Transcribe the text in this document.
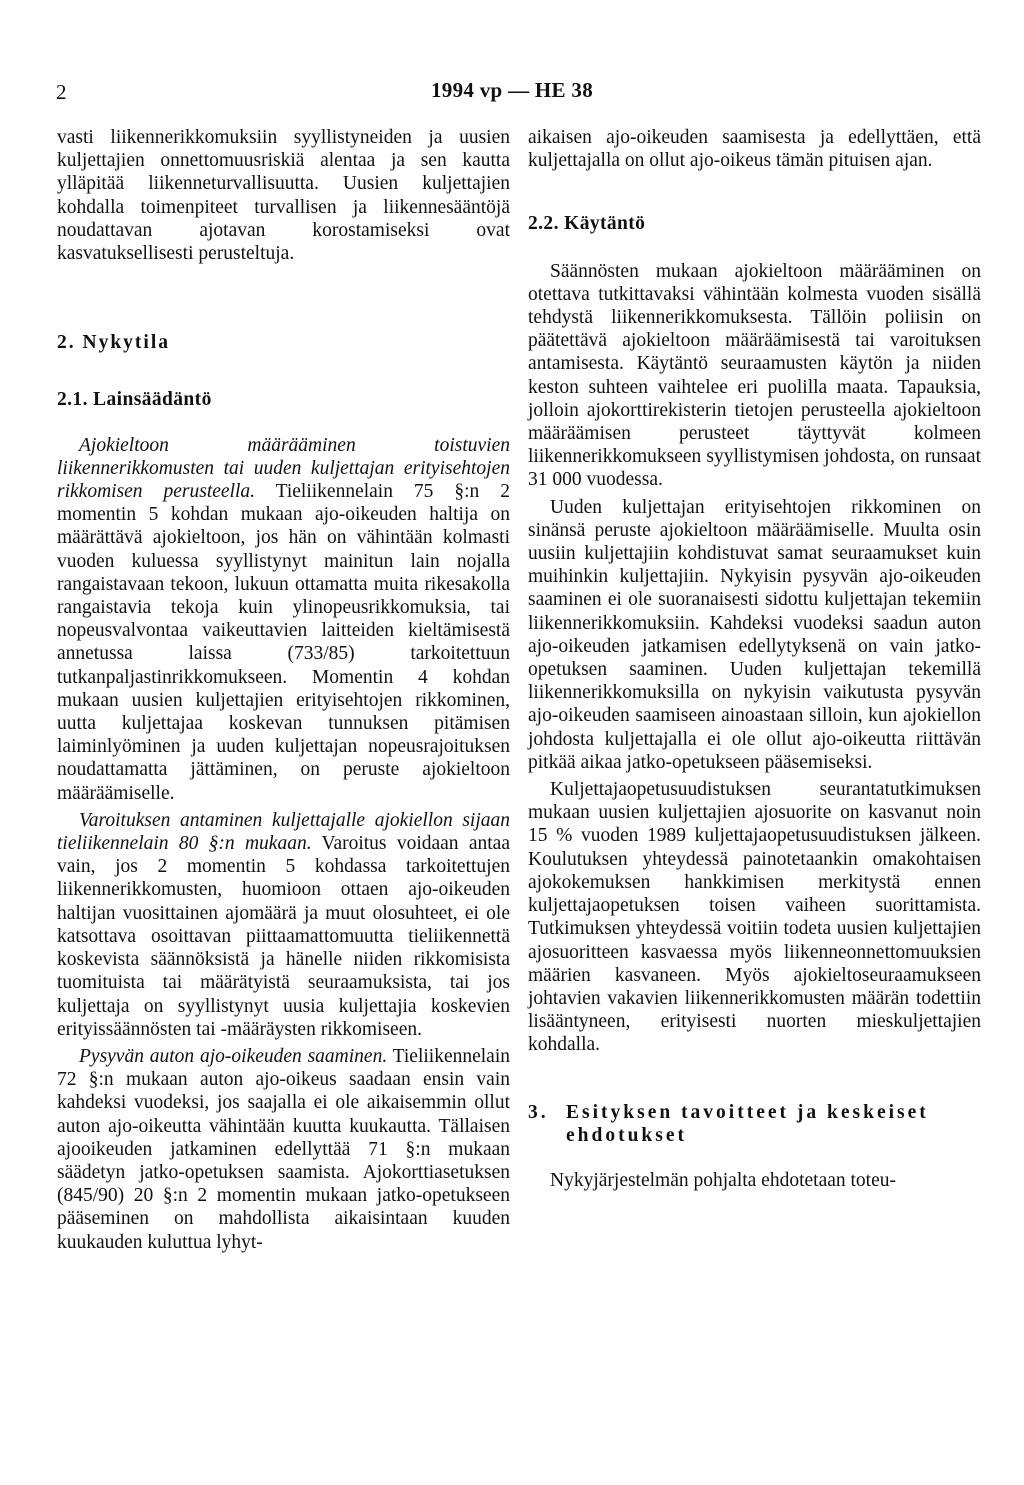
2	1994 vp — HE 38

vasti liikennerikkomuksiin syyllistyneiden ja uusien kuljettajien onnettomuusriskiä alentaa ja sen kautta ylläpitää liikenneturvallisuutta. Uusien kuljettajien kohdalla toimenpiteet turvallisen ja liikennesääntöjä noudattavan ajotavan korostamiseksi ovat kasvatuksellisesti perusteltuja.

2. Nykytila

2.1. Lainsäädäntö

Ajokieltoon määrääminen toistuvien liikennerikkomusten tai uuden kuljettajan erityisehtojen rikkomisen perusteella. Tieliikennelain 75 §:n 2 momentin 5 kohdan mukaan ajo-oikeuden haltija on määrättävä ajokieltoon, jos hän on vähintään kolmasti vuoden kuluessa syyllistynyt mainitun lain nojalla rangaistavaan tekoon, lukuun ottamatta muita rikesakolla rangaistavia tekoja kuin ylinopeusrikkomuksia, tai nopeusvalvontaa vaikeuttavien laitteiden kieltämisestä annetussa laissa (733/85) tarkoitettuun tutkanpaljastinrikkomukseen. Momentin 4 kohdan mukaan uusien kuljettajien erityisehtojen rikkominen, uutta kuljettajaa koskevan tunnuksen pitämisen laiminlyöminen ja uuden kuljettajan nopeusrajoituksen noudattamatta jättäminen, on peruste ajokieltoon määräämiselle.

Varoituksen antaminen kuljettajalle ajokiellon sijaan tieliikennelain 80 §:n mukaan. Varoitus voidaan antaa vain, jos 2 momentin 5 kohdassa tarkoitettujen liikennerikkomusten, huomioon ottaen ajo-oikeuden haltijan vuosittainen ajomäärä ja muut olosuhteet, ei ole katsottava osoittavan piittaamattomuutta tieliikennettä koskevista säännöksistä ja hänelle niiden rikkomisista tuomituista tai määrätyistä seuraamuksista, tai jos kuljettaja on syyllistynyt uusia kuljettajia koskevien erityissäännösten tai -määräysten rikkomiseen.

Pysyvän auton ajo-oikeuden saaminen. Tieliikennelain 72 §:n mukaan auton ajo-oikeus saadaan ensin vain kahdeksi vuodeksi, jos saajalla ei ole aikaisemmin ollut auton ajo-oikeutta vähintään kuutta kuukautta. Tällaisen ajooikeuden jatkaminen edellyttää 71 §:n mukaan säädetyn jatko-opetuksen saamista. Ajokorttiasetuksen (845/90) 20 §:n 2 momentin mukaan jatko-opetukseen pääseminen on mahdollista aikaisintaan kuuden kuukauden kuluttua lyhyt-

aikaisen ajo-oikeuden saamisesta ja edellyttäen, että kuljettajalla on ollut ajo-oikeus tämän pituisen ajan.

2.2. Käytäntö

Säännösten mukaan ajokieltoon määrääminen on otettava tutkittavaksi vähintään kolmesta vuoden sisällä tehdystä liikennerikkomuksesta. Tällöin poliisin on päätettävä ajokieltoon määräämisestä tai varoituksen antamisesta. Käytäntö seuraamusten käytön ja niiden keston suhteen vaihtelee eri puolilla maata. Tapauksia, jolloin ajokorttirekisterin tietojen perusteella ajokieltoon määräämisen perusteet täyttyvät kolmeen liikennerikkomukseen syyllistymisen johdosta, on runsaat 31 000 vuodessa.

Uuden kuljettajan erityisehtojen rikkominen on sinänsä peruste ajokieltoon määräämiselle. Muulta osin uusiin kuljettajiin kohdistuvat samat seuraamukset kuin muihinkin kuljettajiin. Nykyisin pysyvän ajo-oikeuden saaminen ei ole suoranaisesti sidottu kuljettajan tekemiin liikennerikkomuksiin. Kahdeksi vuodeksi saadun auton ajo-oikeuden jatkamisen edellytyksenä on vain jatko-opetuksen saaminen. Uuden kuljettajan tekemillä liikennerikkomuksilla on nykyisin vaikutusta pysyvän ajo-oikeuden saamiseen ainoastaan silloin, kun ajokiellon johdosta kuljettajalla ei ole ollut ajo-oikeutta riittävän pitkää aikaa jatko-opetukseen pääsemiseksi.

Kuljettajaopetusuudistuksen seurantatutkimuksen mukaan uusien kuljettajien ajosuorite on kasvanut noin 15 % vuoden 1989 kuljettajaopetusuudistuksen jälkeen. Koulutuksen yhteydessä painotetaankin omakohtaisen ajokokemuksen hankkimisen merkitystä ennen kuljettajaopetuksen toisen vaiheen suorittamista. Tutkimuksen yhteydessä voitiin todeta uusien kuljettajien ajosuoritteen kasvaessa myös liikenneonnettomuuksien määrien kasvaneen. Myös ajokieltoseuraamukseen johtavien vakavien liikennerikkomusten määrän todettiin lisääntyneen, erityisesti nuorten mieskuljettajien kohdalla.

3. Esityksen tavoitteet ja keskeiset ehdotukset

Nykyjärjestelmän pohjalta ehdotetaan toteu-
